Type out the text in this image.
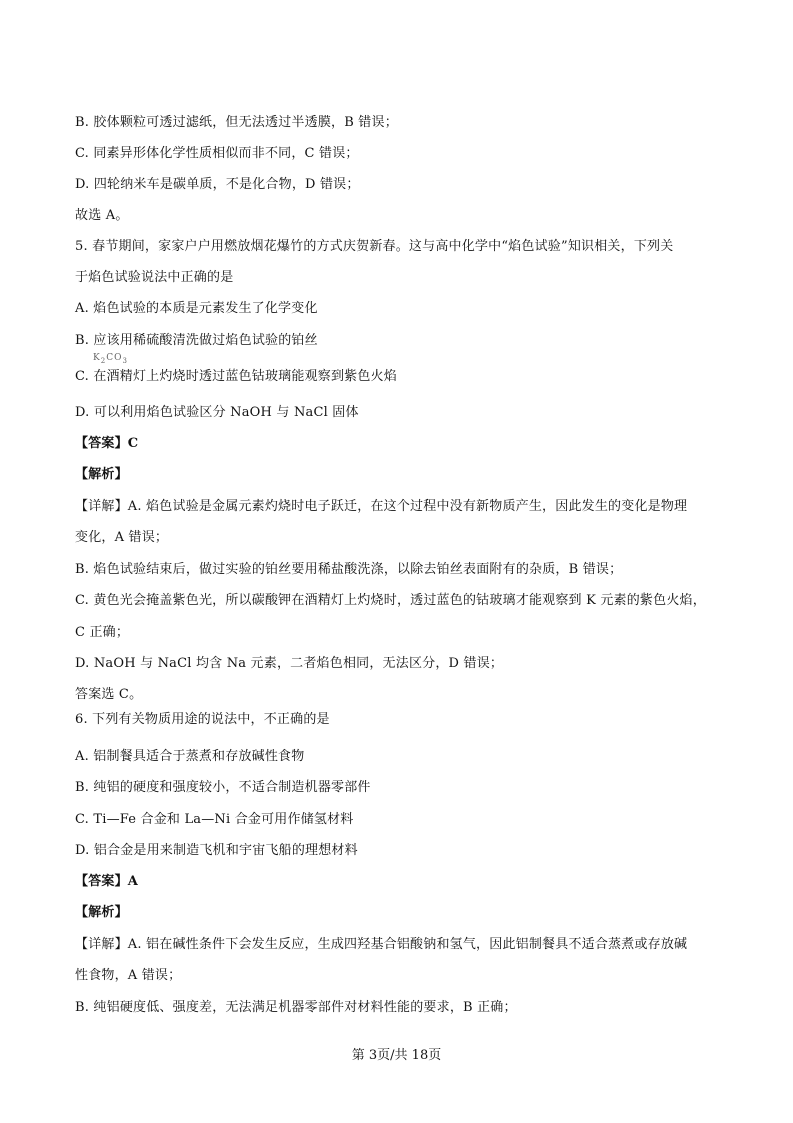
B. 胶体颗粒可透过滤纸，但无法透过半透膜，B 错误；
C. 同素异形体化学性质相似而非不同，C 错误；
D. 四轮纳米车是碳单质，不是化合物，D 错误；
故选 A。
5. 春节期间，家家户户用燃放烟花爆竹的方式庆贺新春。这与高中化学中“焰色试验”知识相关，下列关
于焰色试验说法中正确的是
A. 焰色试验的本质是元素发生了化学变化
B. 应该用稀硫酸清洗做过焰色试验的铂丝
$K_2CO_3$
C. 在酒精灯上灼烧时透过蓝色钴玻璃能观察到紫色火焰
D. 可以利用焰色试验区分 NaOH 与 NaCl 固体
【答案】C
【解析】
【详解】A. 焰色试验是金属元素灼烧时电子跃迁，在这个过程中没有新物质产生，因此发生的变化是物理
变化，A 错误；
B. 焰色试验结束后，做过实验的铂丝要用稀盐酸洗涤，以除去铂丝表面附有的杂质，B 错误；
C. 黄色光会掩盖紫色光，所以碳酸钾在酒精灯上灼烧时，透过蓝色的钴玻璃才能观察到 K 元素的紫色火焰，
C 正确；
D. NaOH 与 NaCl 均含 Na 元素，二者焰色相同，无法区分，D 错误；
答案选 C。
6. 下列有关物质用途的说法中，不正确的是
A. 铝制餐具适合于蒸煮和存放碱性食物
B. 纯铝的硬度和强度较小，不适合制造机器零部件
C. Ti—Fe 合金和 La—Ni 合金可用作储氢材料
D. 铝合金是用来制造飞机和宇宙飞船的理想材料
【答案】A
【解析】
【详解】A. 铝在碱性条件下会发生反应，生成四羟基合铝酸钠和氢气，因此铝制餐具不适合蒸煮或存放碱
性食物，A 错误；
B. 纯铝硬度低、强度差，无法满足机器零部件对材料性能的要求，B 正确；
第 3页/共 18页
